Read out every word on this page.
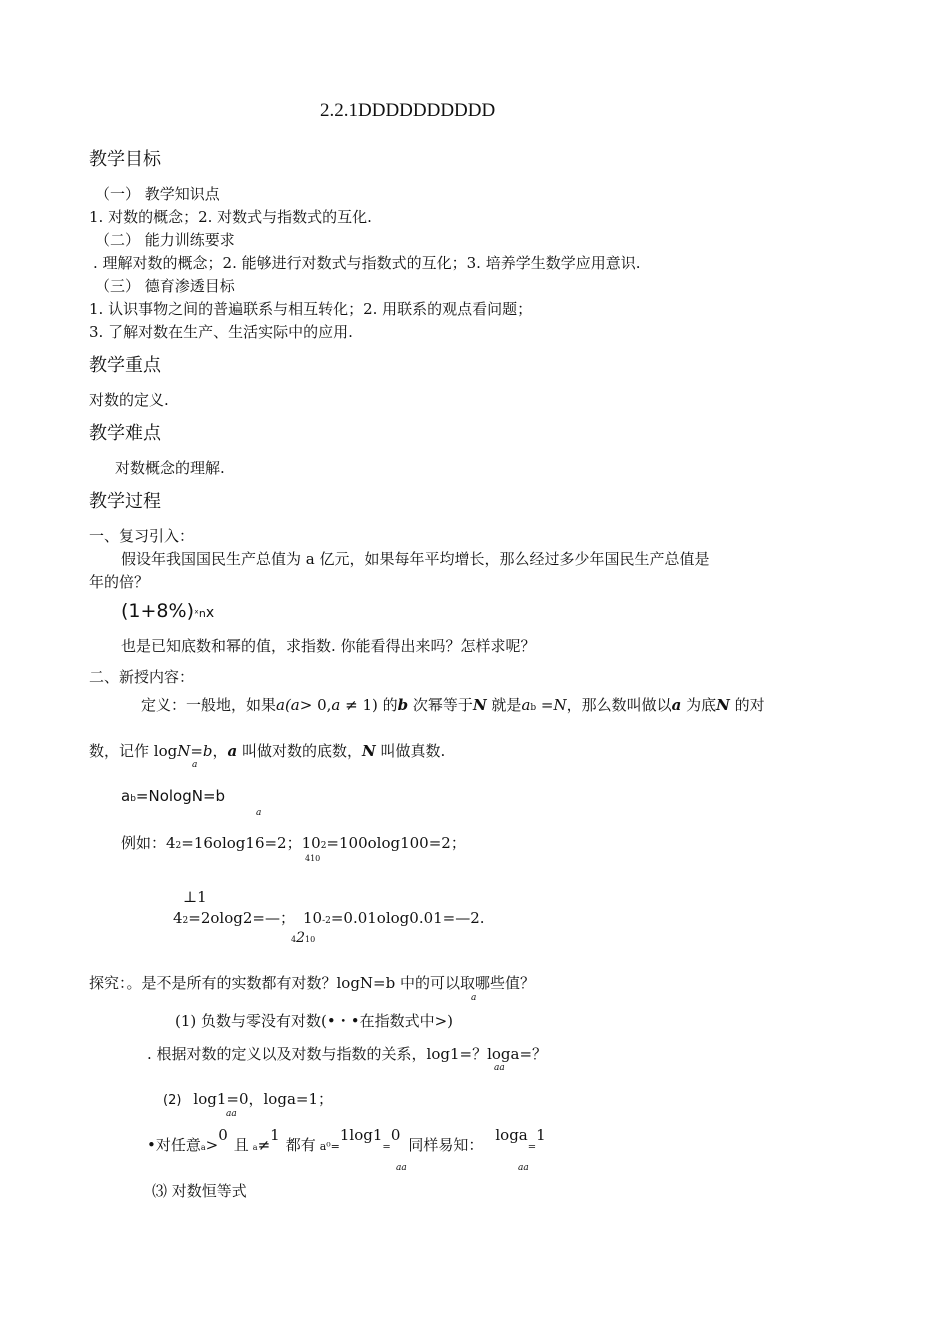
2.2.1DDDDDDDDDD
教学目标
（一） 教学知识点
1. 对数的概念；2. 对数式与指数式的互化.
（二） 能力训练要求
. 理解对数的概念；2. 能够进行对数式与指数式的互化；3. 培养学生数学应用意识.
（三） 德育渗透目标
1. 认识事物之间的普遍联系与相互转化；2. 用联系的观点看问题；
3. 了解对数在生产、生活实际中的应用.
教学重点
对数的定义.
教学难点
对数概念的理解.
教学过程
一、复习引入：
假设年我国国民生产总值为 a 亿元，如果每年平均增长，那么经过多少年国民生产总值是
年的倍？
(1+8%)ˣnx
也是已知底数和幂的值，求指数. 你能看得出来吗？怎样求呢？
二、新授内容：
定义：一般地，如果a(a> 0,a ≠ 1) 的b 次幂等于N 就是ab =N，那么数叫做以a 为底N 的对
数，记作 logN=b，a 叫做对数的底数，N 叫做真数.
a
ab=NologN=b
a
例如：42=16olog16=2；102=100olog100=2；
410
⊥1
42=2olog2=—； 10-2=0.01olog0.01=—2.
4210
探究：。是不是所有的实数都有对数？logN=b 中的可以取哪些值？
a
(1) 负数与零没有对数(•・•在指数式中>)
. 根据对数的定义以及对数与指数的关系，log1=？loga=？
aa
(2) log1=0，loga=1；
aa
•对任意a>0且 a≠1都有 a⁰=1log1=0同样易知：loga=1
aa	aa
⑶ 对数恒等式
